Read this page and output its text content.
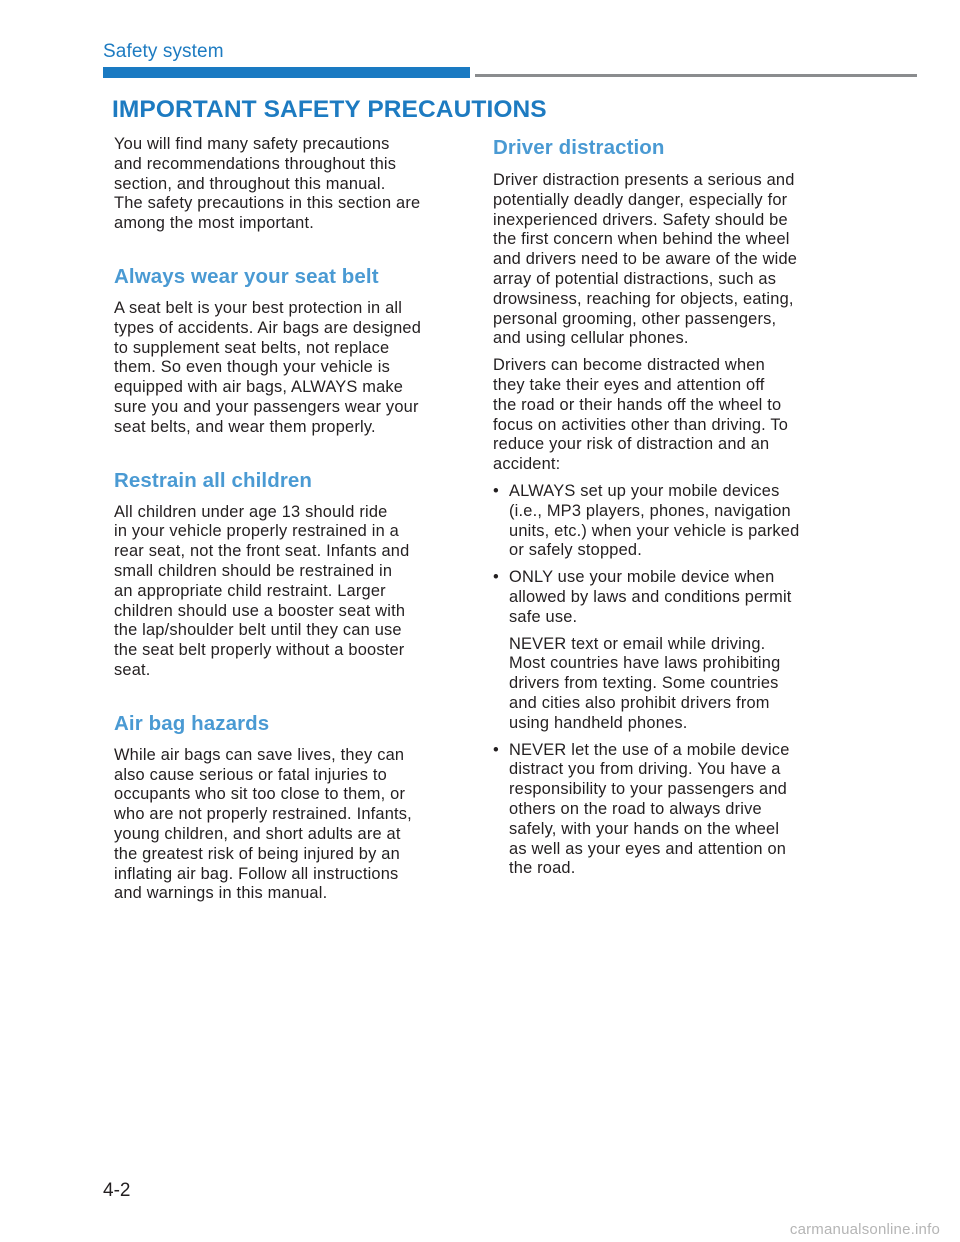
Safety system
IMPORTANT SAFETY PRECAUTIONS

You will find many safety precautions
and recommendations throughout this
section, and throughout this manual.
The safety precautions in this section are
among the most important.

Always wear your seat belt

A seat belt is your best protection in all
types of accidents. Air bags are designed
to supplement seat belts, not replace
them. So even though your vehicle is
equipped with air bags, ALWAYS make
sure you and your passengers wear your
seat belts, and wear them properly.

Restrain all children

All children under age 13 should ride
in your vehicle properly restrained in a
rear seat, not the front seat. Infants and
small children should be restrained in
an appropriate child restraint. Larger
children should use a booster seat with
the lap/shoulder belt until they can use
the seat belt properly without a booster
seat.

Air bag hazards

While air bags can save lives, they can
also cause serious or fatal injuries to
occupants who sit too close to them, or
who are not properly restrained. Infants,
young children, and short adults are at
the greatest risk of being injured by an
inflating air bag. Follow all instructions
and warnings in this manual.

Driver distraction

Driver distraction presents a serious and
potentially deadly danger, especially for
inexperienced drivers. Safety should be
the first concern when behind the wheel
and drivers need to be aware of the wide
array of potential distractions, such as
drowsiness, reaching for objects, eating,
personal grooming, other passengers,
and using cellular phones.

Drivers can become distracted when
they take their eyes and attention off
the road or their hands off the wheel to
focus on activities other than driving. To
reduce your risk of distraction and an
accident:

• ALWAYS set up your mobile devices
(i.e., MP3 players, phones, navigation
units, etc.) when your vehicle is parked
or safely stopped.

• ONLY use your mobile device when
allowed by laws and conditions permit
safe use.

NEVER text or email while driving.
Most countries have laws prohibiting
drivers from texting. Some countries
and cities also prohibit drivers from
using handheld phones.

• NEVER let the use of a mobile device
distract you from driving. You have a
responsibility to your passengers and
others on the road to always drive
safely, with your hands on the wheel
as well as your eyes and attention on
the road.

4-2
carmanualsonline.info
